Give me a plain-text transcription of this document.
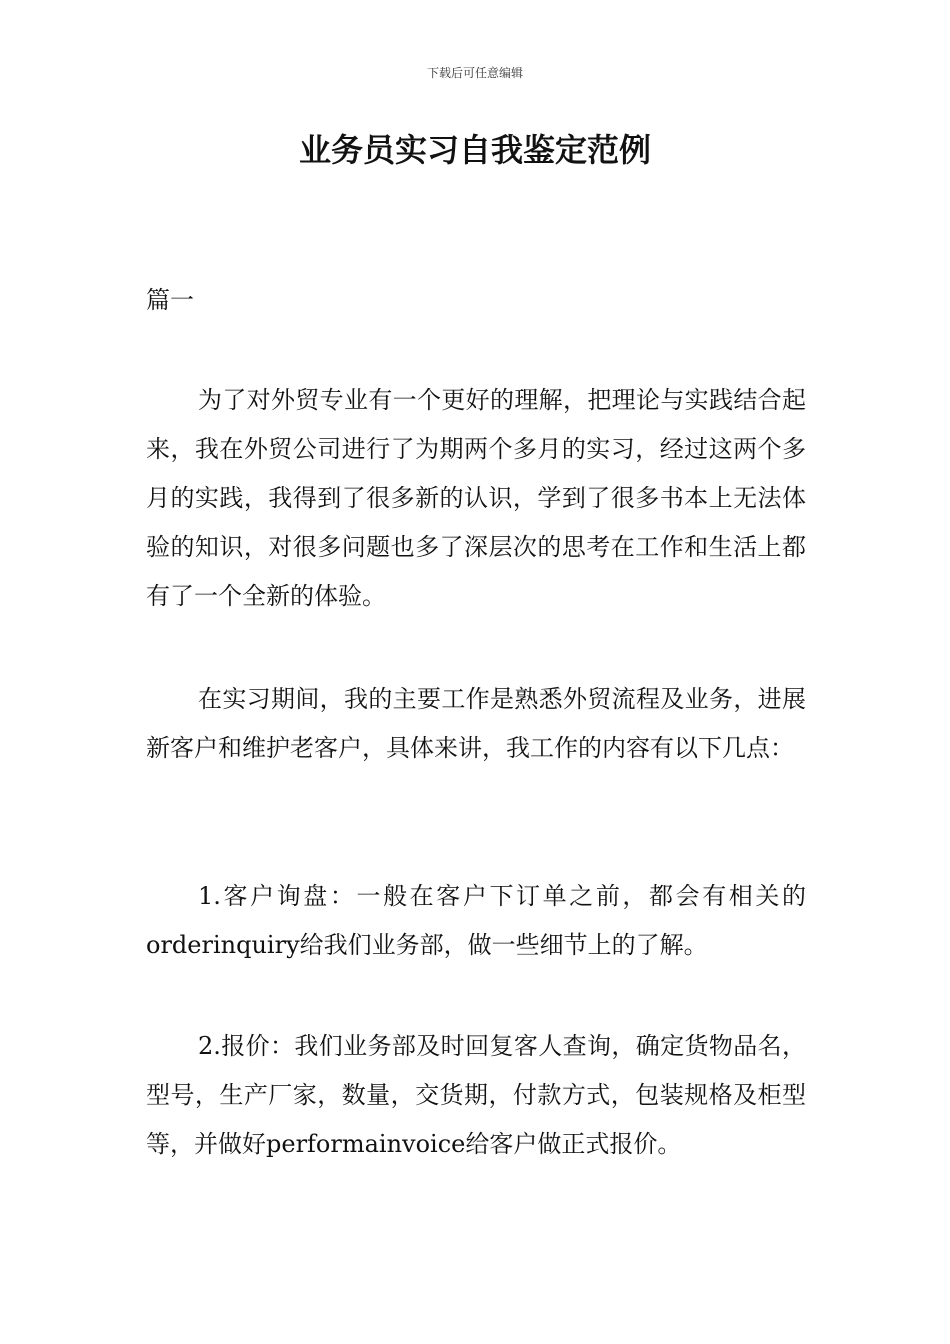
下载后可任意编辑
业务员实习自我鉴定范例

篇一

为了对外贸专业有一个更好的理解，把理论与实践结合起来，我在外贸公司进行了为期两个多月的实习，经过这两个多月的实践，我得到了很多新的认识，学到了很多书本上无法体验的知识，对很多问题也多了深层次的思考在工作和生活上都有了一个全新的体验。

在实习期间，我的主要工作是熟悉外贸流程及业务，进展新客户和维护老客户，具体来讲，我工作的内容有以下几点：

1.客户询盘：一般在客户下订单之前，都会有相关的orderinquiry给我们业务部，做一些细节上的了解。

2.报价：我们业务部及时回复客人查询，确定货物品名，型号，生产厂家，数量，交货期，付款方式，包装规格及柜型等，并做好performainvoice给客户做正式报价。
